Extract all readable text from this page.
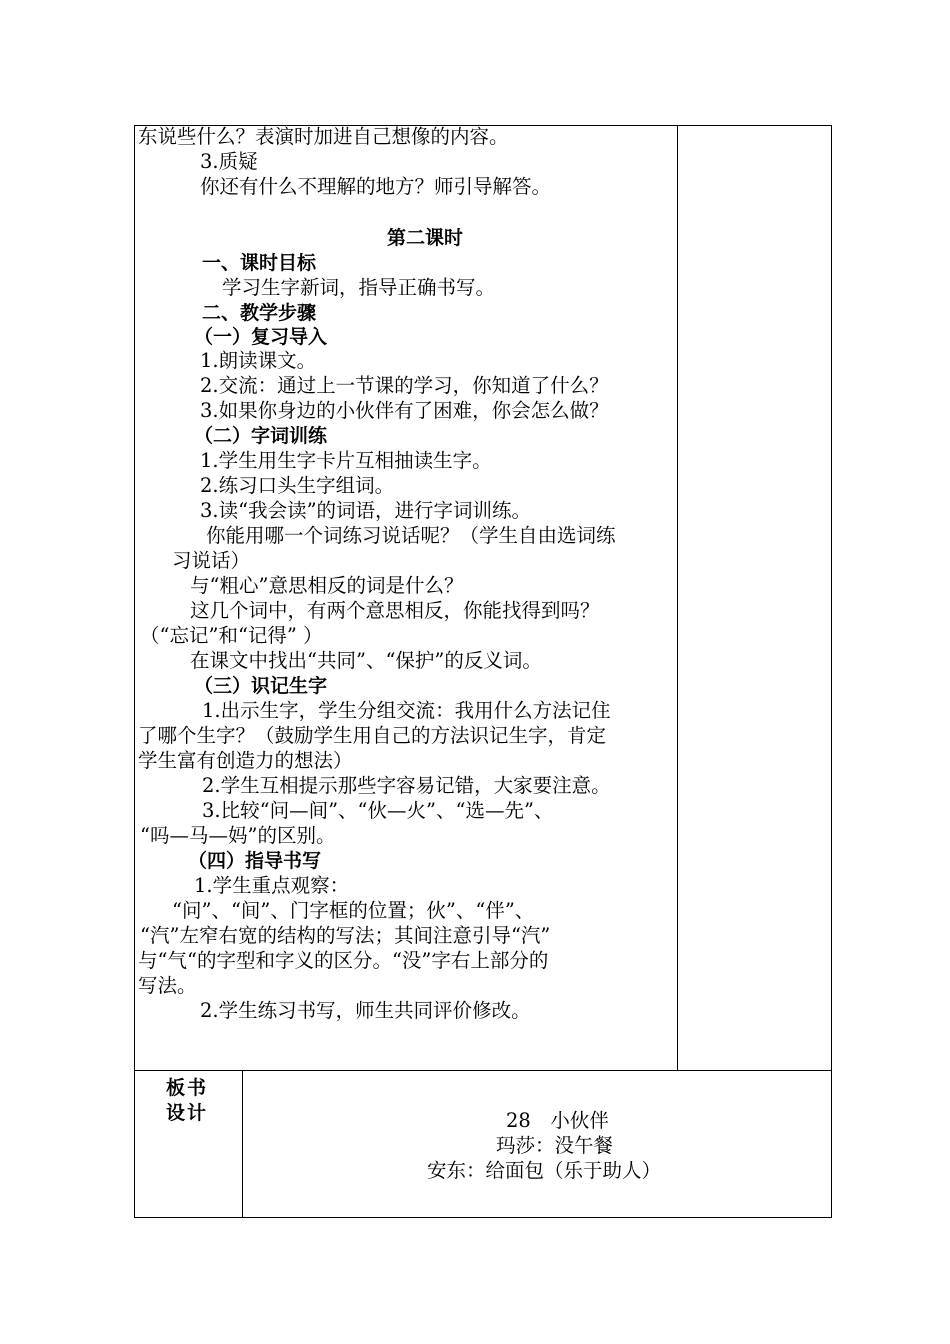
东说些什么？表演时加进自己想像的内容。
3.质疑
你还有什么不理解的地方？师引导解答。
第二课时
一、课时目标
学习生字新词，指导正确书写。
二、教学步骤
（一）复习导入
1.朗读课文。
2.交流：通过上一节课的学习，你知道了什么？
3.如果你身边的小伙伴有了困难，你会怎么做？
（二）字词训练
1.学生用生字卡片互相抽读生字。
2.练习口头生字组词。
3.读“我会读”的词语，进行字词训练。
你能用哪一个词练习说话呢？（学生自由选词练
习说话）
与“粗心”意思相反的词是什么？
这几个词中，有两个意思相反，你能找得到吗？
（“忘记”和“记得” ）
在课文中找出“共同”、“保护”的反义词。
（三）识记生字
1.出示生字，学生分组交流：我用什么方法记住
了哪个生字？（鼓励学生用自己的方法识记生字，肯定
学生富有创造力的想法）
2.学生互相提示那些字容易记错，大家要注意。
3.比较“问—间”、“伙—火”、“选—先”、
“吗—马—妈”的区别。
（四）指导书写
1.学生重点观察：
“问”、“间”、门字框的位置；伙”、“伴”、
“汽”左窄右宽的结构的写法；其间注意引导“汽”
与“气“的字型和字义的区分。“没”字右上部分的
写法。
2.学生练习书写，师生共同评价修改。
板书
设计	28　小伙伴
玛莎：没午餐
安东：给面包（乐于助人）
